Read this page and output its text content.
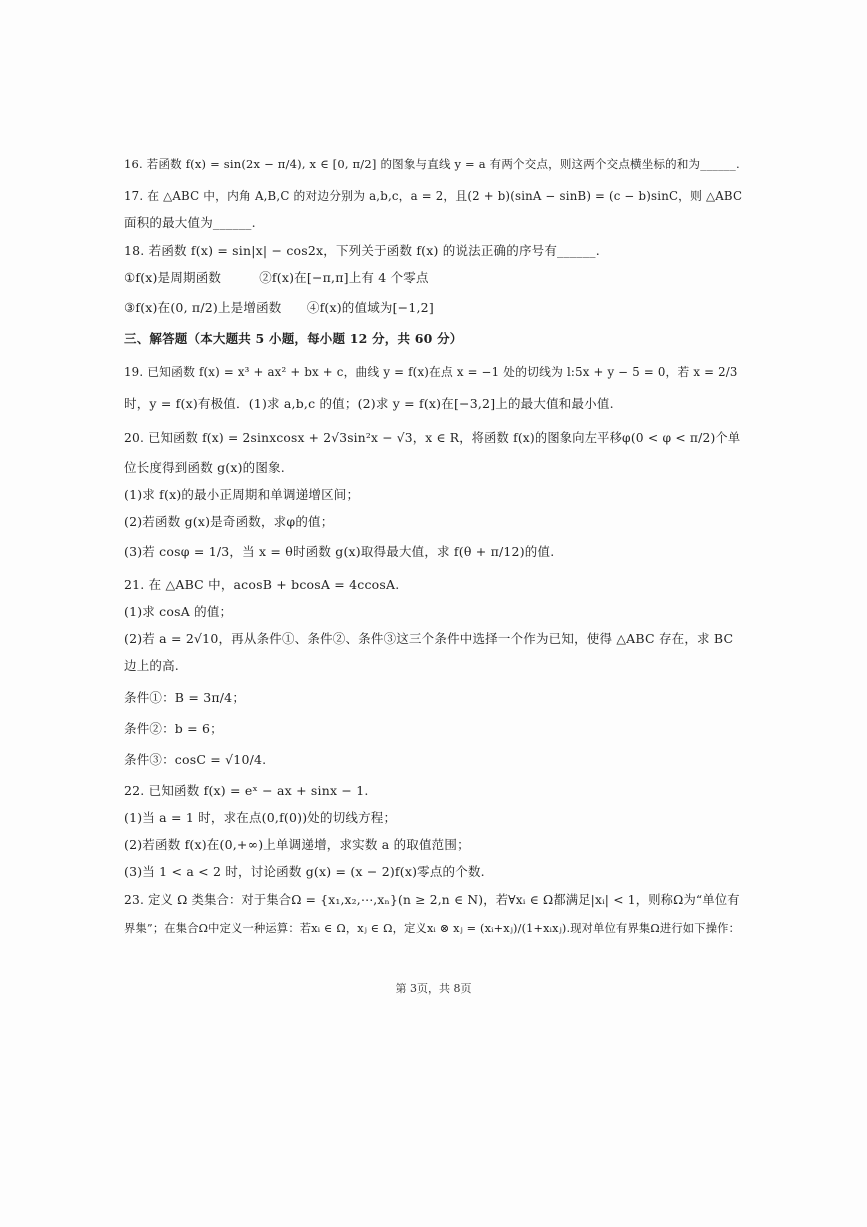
16. 若函数 f(x) = sin(2x − π/4), x ∈ [0, π/2] 的图象与直线 y = a 有两个交点，则这两个交点横坐标的和为______.
17. 在 △ABC 中，内角 A,B,C 的对边分别为 a,b,c，a = 2，且(2 + b)(sinA − sinB) = (c − b)sinC，则 △ABC
面积的最大值为______.
18. 若函数 f(x) = sin|x| − cos2x，下列关于函数 f(x) 的说法正确的序号有______.
①f(x)是周期函数　　　②f(x)在[−π,π]上有 4 个零点
③f(x)在(0, π/2)上是增函数　　④f(x)的值域为[−1,2]
三、解答题（本大题共 5 小题，每小题 12 分，共 60 分）
19. 已知函数 f(x) = x³ + ax² + bx + c，曲线 y = f(x)在点 x = −1 处的切线为 l:5x + y − 5 = 0，若 x = 2/3
时，y = f(x)有极值．(1)求 a,b,c 的值；(2)求 y = f(x)在[−3,2]上的最大值和最小值.
20. 已知函数 f(x) = 2sinxcosx + 2√3sin²x − √3，x ∈ R，将函数 f(x)的图象向左平移φ(0 < φ < π/2)个单
位长度得到函数 g(x)的图象.
(1)求 f(x)的最小正周期和单调递增区间；
(2)若函数 g(x)是奇函数，求φ的值；
(3)若 cosφ = 1/3，当 x = θ时函数 g(x)取得最大值，求 f(θ + π/12)的值.
21. 在 △ABC 中，acosB + bcosA = 4ccosA.
(1)求 cosA 的值；
(2)若 a = 2√10，再从条件①、条件②、条件③这三个条件中选择一个作为已知，使得 △ABC 存在，求 BC
边上的高.
条件①：B = 3π/4；
条件②：b = 6；
条件③：cosC = √10/4.
22. 已知函数 f(x) = eˣ − ax + sinx − 1.
(1)当 a = 1 时，求在点(0,f(0))处的切线方程；
(2)若函数 f(x)在(0,+∞)上单调递增，求实数 a 的取值范围；
(3)当 1 < a < 2 时，讨论函数 g(x) = (x − 2)f(x)零点的个数.
23. 定义 Ω 类集合：对于集合Ω = {x₁,x₂,⋯,xₙ}(n ≥ 2,n ∈ N)，若∀xᵢ ∈ Ω都满足|xᵢ| < 1，则称Ω为“单位有
界集”；在集合Ω中定义一种运算：若xᵢ ∈ Ω，xⱼ ∈ Ω，定义xᵢ ⊗ xⱼ = (xᵢ+xⱼ)/(1+xᵢxⱼ).现对单位有界集Ω进行如下操作：
第 3页，共 8页
